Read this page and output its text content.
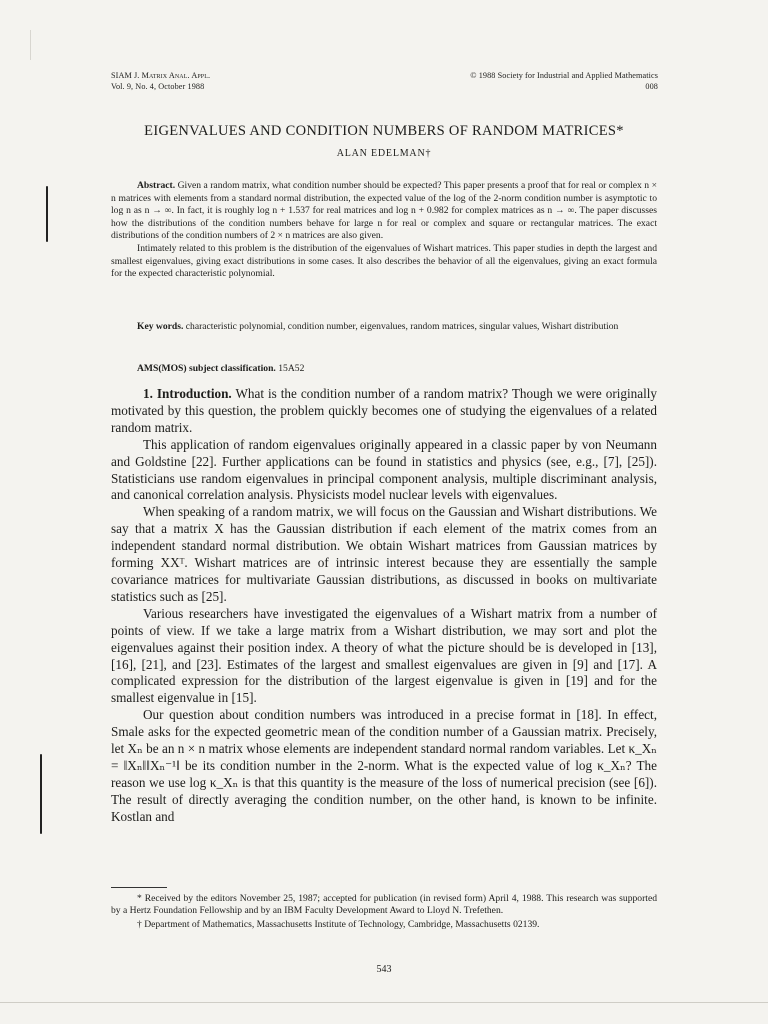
SIAM J. Matrix Anal. Appl.
Vol. 9, No. 4, October 1988
© 1988 Society for Industrial and Applied Mathematics
008
EIGENVALUES AND CONDITION NUMBERS OF RANDOM MATRICES*
ALAN EDELMAN†

Abstract. Given a random matrix, what condition number should be expected? This paper presents a proof that for real or complex n × n matrices with elements from a standard normal distribution, the expected value of the log of the 2-norm condition number is asymptotic to log n as n → ∞. In fact, it is roughly log n + 1.537 for real matrices and log n + 0.982 for complex matrices as n → ∞. The paper discusses how the distributions of the condition numbers behave for large n for real or complex and square or rectangular matrices. The exact distributions of the condition numbers of 2 × n matrices are also given.

Intimately related to this problem is the distribution of the eigenvalues of Wishart matrices. This paper studies in depth the largest and smallest eigenvalues, giving exact distributions in some cases. It also describes the behavior of all the eigenvalues, giving an exact formula for the expected characteristic polynomial.

Key words. characteristic polynomial, condition number, eigenvalues, random matrices, singular values, Wishart distribution

AMS(MOS) subject classification. 15A52

1. Introduction. What is the condition number of a random matrix? Though we were originally motivated by this question, the problem quickly becomes one of studying the eigenvalues of a related random matrix.

This application of random eigenvalues originally appeared in a classic paper by von Neumann and Goldstine [22]. Further applications can be found in statistics and physics (see, e.g., [7], [25]). Statisticians use random eigenvalues in principal component analysis, multiple discriminant analysis, and canonical correlation analysis. Physicists model nuclear levels with eigenvalues.

When speaking of a random matrix, we will focus on the Gaussian and Wishart distributions. We say that a matrix X has the Gaussian distribution if each element of the matrix comes from an independent standard normal distribution. We obtain Wishart matrices from Gaussian matrices by forming XXᵀ. Wishart matrices are of intrinsic interest because they are essentially the sample covariance matrices for multivariate Gaussian distributions, as discussed in books on multivariate statistics such as [25].

Various researchers have investigated the eigenvalues of a Wishart matrix from a number of points of view. If we take a large matrix from a Wishart distribution, we may sort and plot the eigenvalues against their position index. A theory of what the picture should be is developed in [13], [16], [21], and [23]. Estimates of the largest and smallest eigenvalues are given in [9] and [17]. A complicated expression for the distribution of the largest eigenvalue is given in [19] and for the smallest eigenvalue in [15].

Our question about condition numbers was introduced in a precise format in [18]. In effect, Smale asks for the expected geometric mean of the condition number of a Gaussian matrix. Precisely, let Xₙ be an n × n matrix whose elements are independent standard normal random variables. Let κ_Xₙ = ‖Xₙ‖‖Xₙ⁻¹‖ be its condition number in the 2-norm. What is the expected value of log κ_Xₙ? The reason we use log κ_Xₙ is that this quantity is the measure of the loss of numerical precision (see [6]). The result of directly averaging the condition number, on the other hand, is known to be infinite. Kostlan and

* Received by the editors November 25, 1987; accepted for publication (in revised form) April 4, 1988. This research was supported by a Hertz Foundation Fellowship and by an IBM Faculty Development Award to Lloyd N. Trefethen.

† Department of Mathematics, Massachusetts Institute of Technology, Cambridge, Massachusetts 02139.

543
